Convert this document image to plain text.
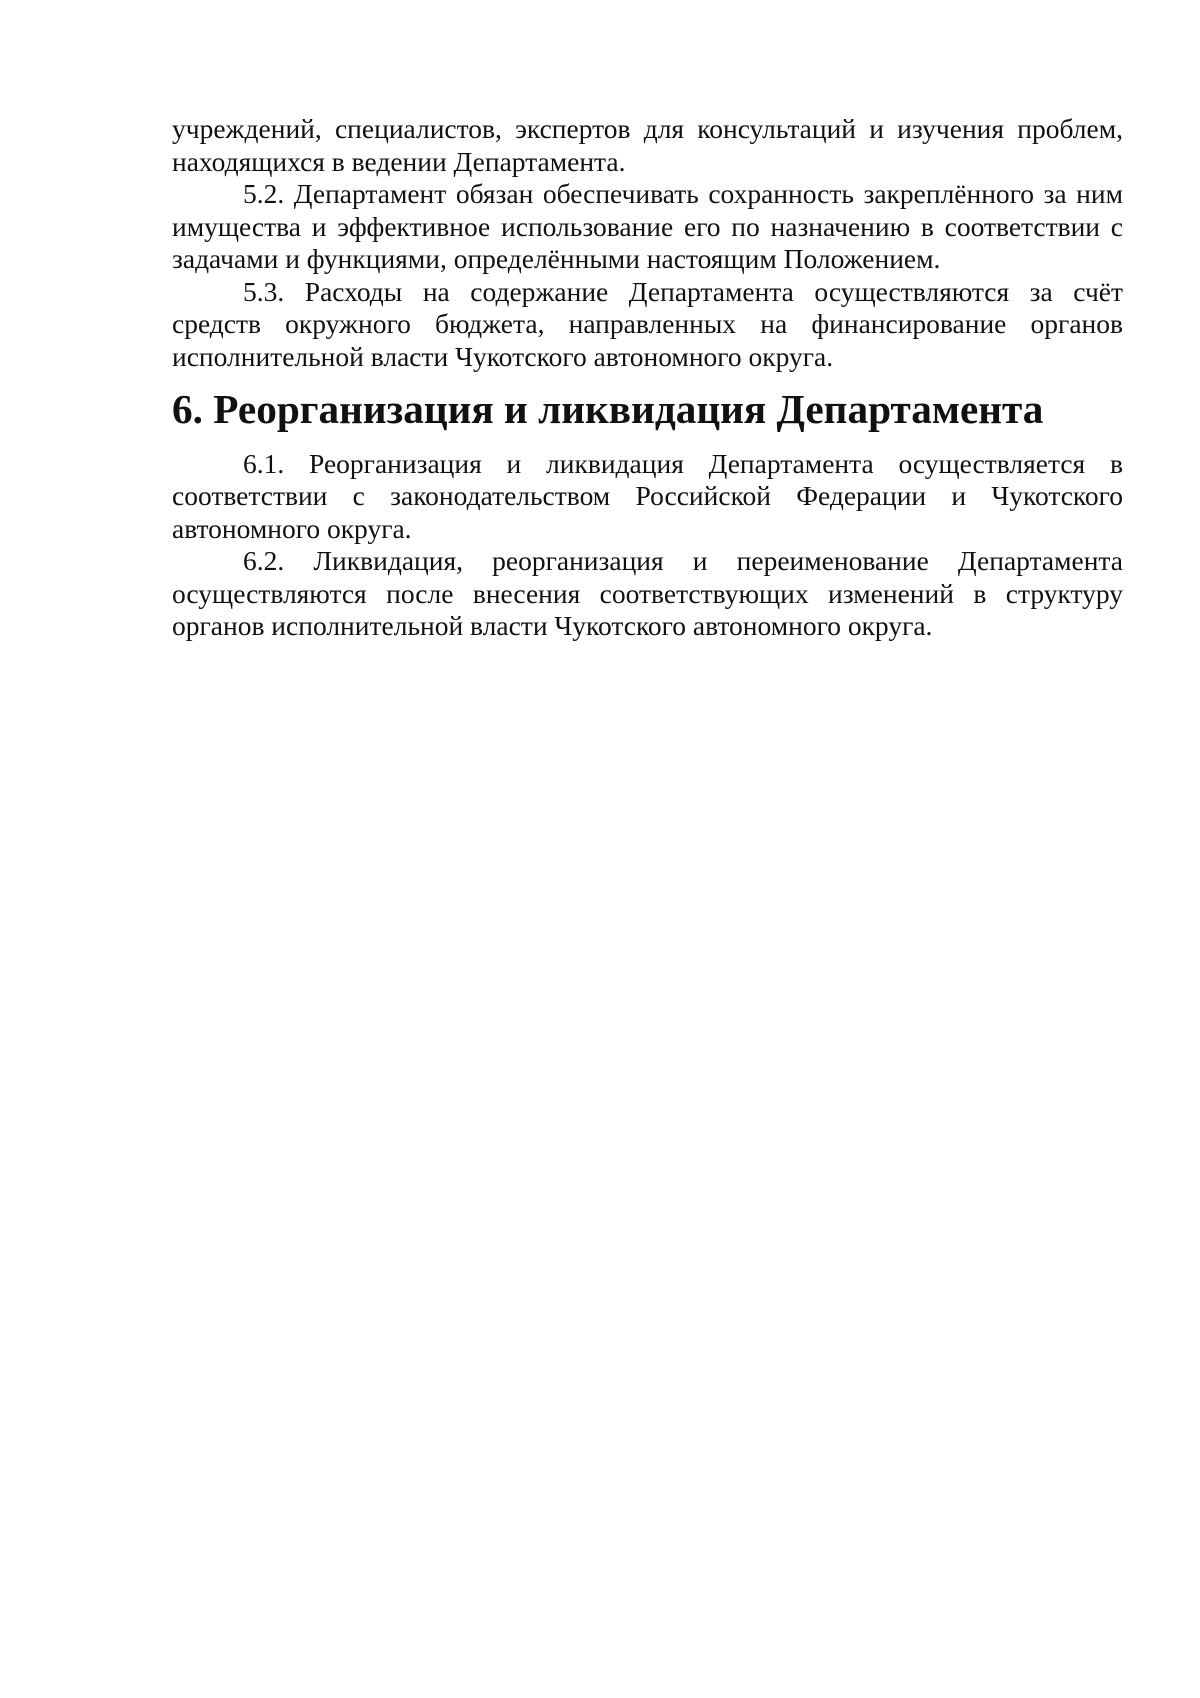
учреждений, специалистов, экспертов для консультаций и изучения проблем, находящихся в ведении Департамента.

5.2. Департамент обязан обеспечивать сохранность закреплённого за ним имущества и эффективное использование его по назначению в соответствии с задачами и функциями, определёнными настоящим Положением.

5.3. Расходы на содержание Департамента осуществляются за счёт средств окружного бюджета, направленных на финансирование органов исполнительной власти Чукотского автономного округа.

6. Реорганизация и ликвидация Департамента

6.1. Реорганизация и ликвидация Департамента осуществляется в соответствии с законодательством Российской Федерации и Чукотского автономного округа.

6.2. Ликвидация, реорганизация и переименование Департамента осуществляются после внесения соответствующих изменений в структуру органов исполнительной власти Чукотского автономного округа.
